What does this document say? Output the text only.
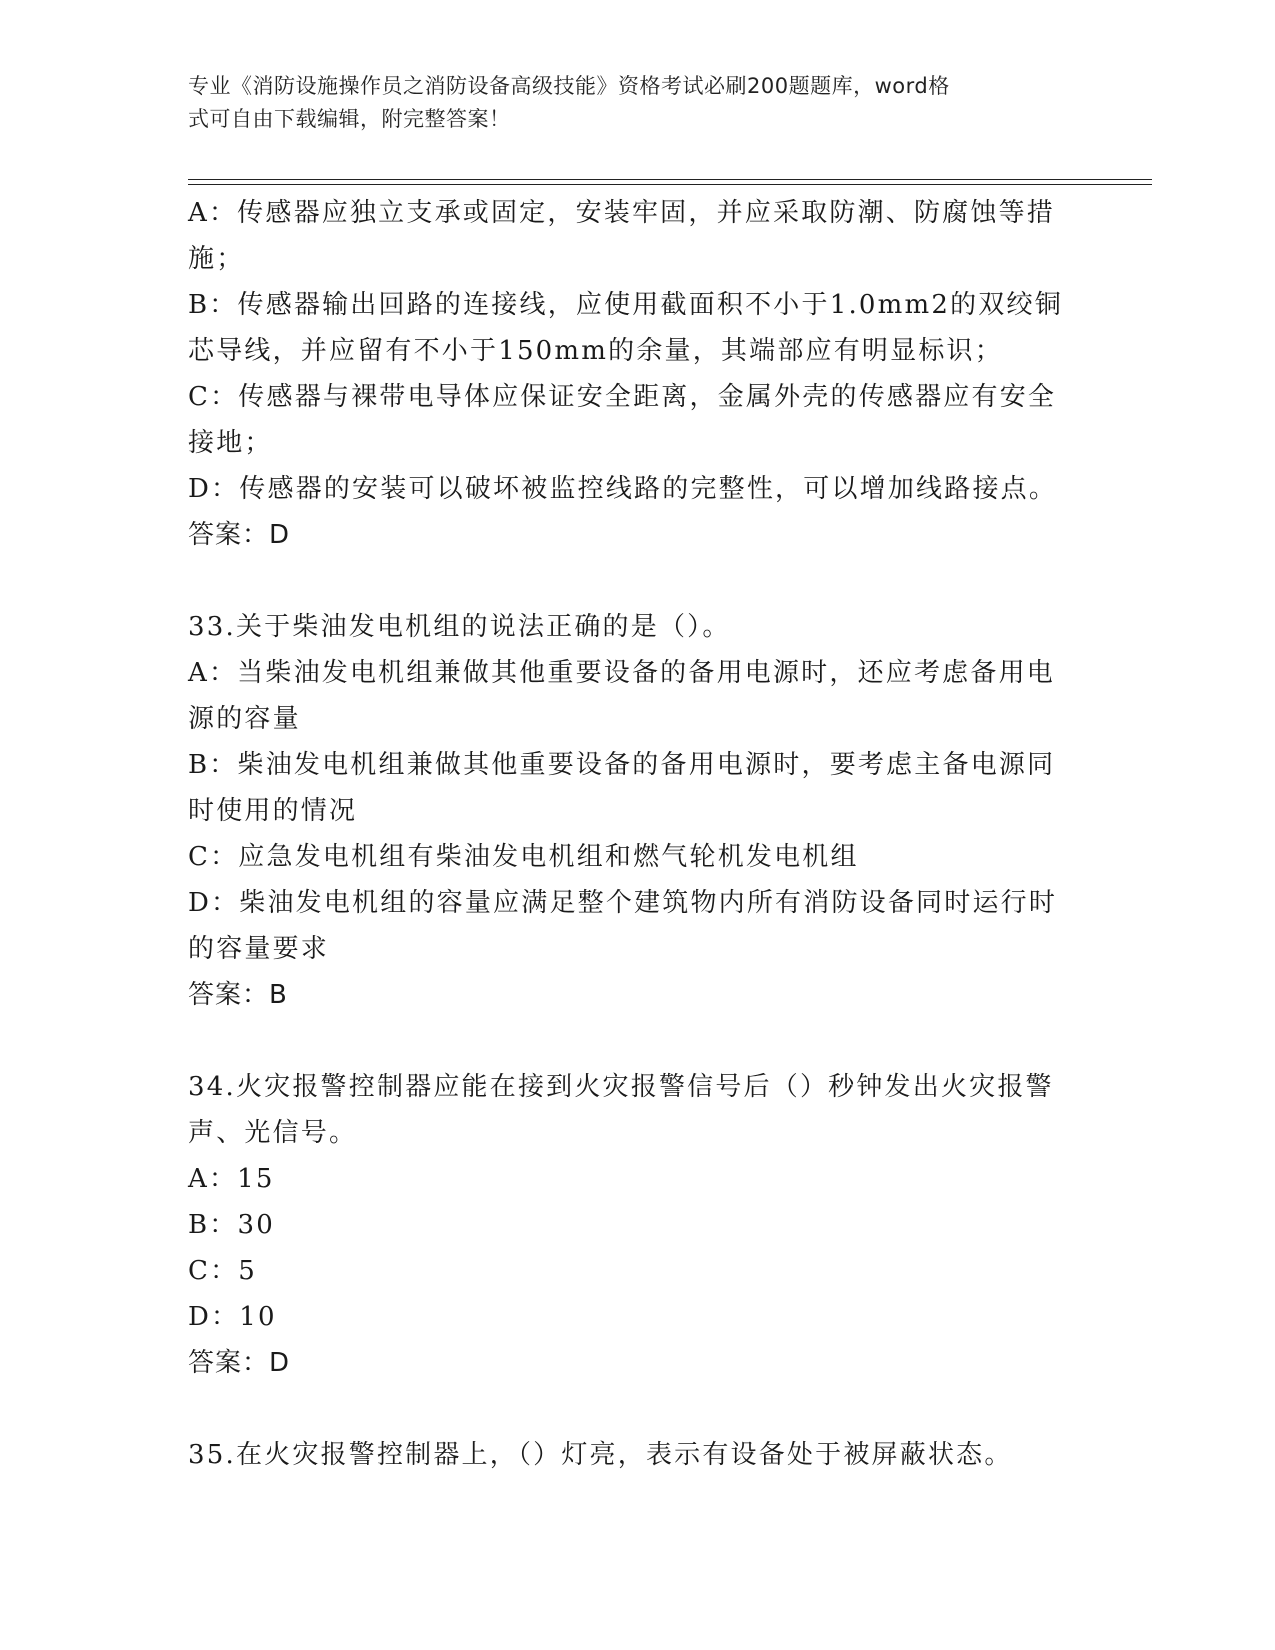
专业《消防设施操作员之消防设备高级技能》资格考试必刷200题题库，word格
式可自由下载编辑，附完整答案！
A：传感器应独立支承或固定，安装牢固，并应采取防潮、防腐蚀等措
施；
B：传感器输出回路的连接线，应使用截面积不小于1.0mm2的双绞铜
芯导线，并应留有不小于150mm的余量，其端部应有明显标识；
C：传感器与裸带电导体应保证安全距离，金属外壳的传感器应有安全
接地；
D：传感器的安装可以破坏被监控线路的完整性，可以增加线路接点。
答案：D
33.关于柴油发电机组的说法正确的是（）。
A：当柴油发电机组兼做其他重要设备的备用电源时，还应考虑备用电
源的容量
B：柴油发电机组兼做其他重要设备的备用电源时，要考虑主备电源同
时使用的情况
C：应急发电机组有柴油发电机组和燃气轮机发电机组
D：柴油发电机组的容量应满足整个建筑物内所有消防设备同时运行时
的容量要求
答案：B
34.火灾报警控制器应能在接到火灾报警信号后（）秒钟发出火灾报警
声、光信号。
A：15
B：30
C：5
D：10
答案：D
35.在火灾报警控制器上，（）灯亮，表示有设备处于被屏蔽状态。
